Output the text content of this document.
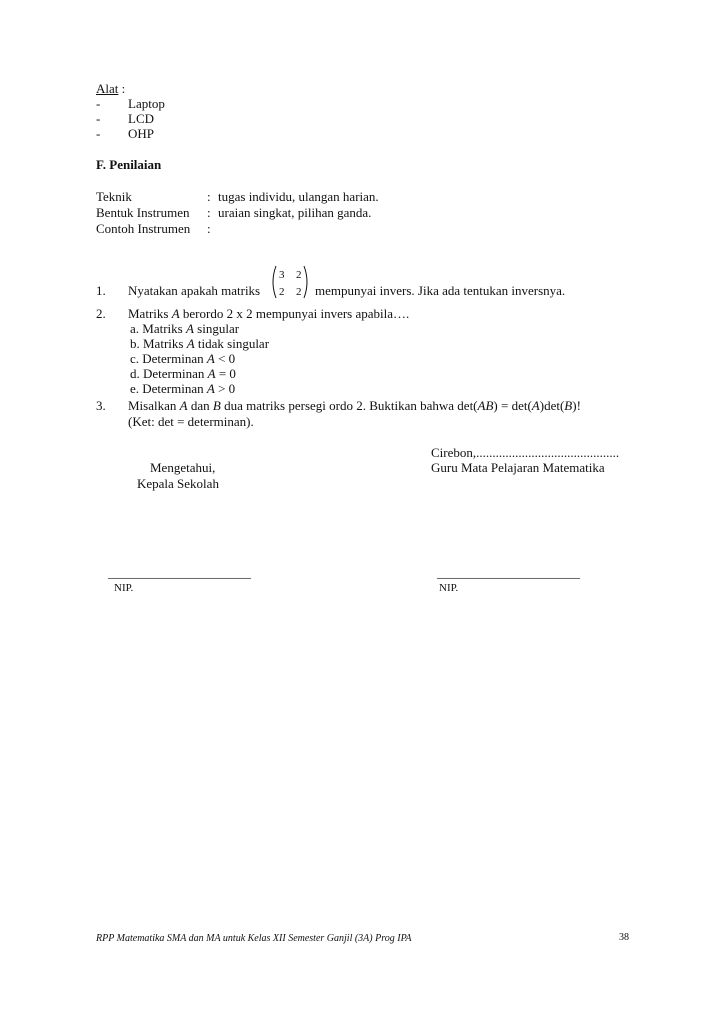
Alat :
- Laptop
- LCD
- OHP
F. Penilaian
Teknik	: tugas individu, ulangan harian.
Bentuk Instrumen : uraian singkat, pilihan ganda.
Contoh Instrumen :
1. Nyatakan apakah matriks
3 2
2 2 mempunyai invers. Jika ada tentukan inversnya.
2. Matriks A berordo 2 x 2 mempunyai invers apabila….
a. Matriks A singular
b. Matriks A tidak singular
c. Determinan A < 0
d. Determinan A = 0
e. Determinan A > 0
3. Misalkan A dan B dua matriks persegi ordo 2. Buktikan bahwa det(AB) = det(A)det(B)!
(Ket: det = determinan).
Cirebon,............................................
Mengetahui,	Guru Mata Pelajaran Matematika
Kepala Sekolah
______________________	______________________
NIP.	NIP.
RPP Matematika SMA dan MA untuk Kelas XII Semester Ganjil (3A) Prog IPA	38
